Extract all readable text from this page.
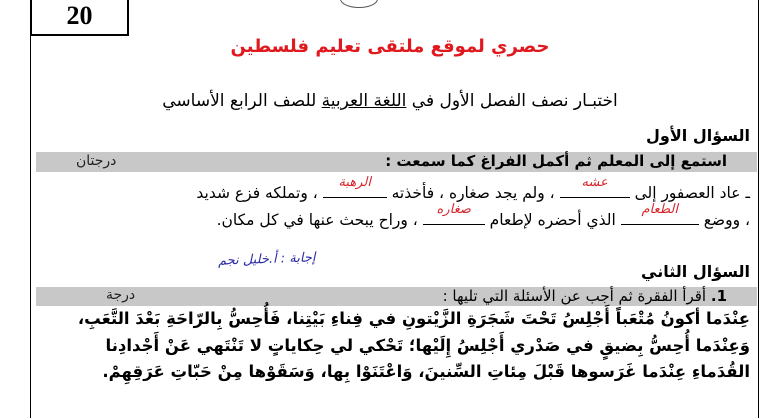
20
حصري لموقع ملتقى تعليم فلسطين
اختبـار نصف الفصل الأول في اللغة العربية للصف الرابع الأساسي
السؤال الأول
استمع إلى المعلم ثم أكمل الفراغ كما سمعت :
درجتان
ـ عاد العصفور إلى
عشه
، ولم يجد صغاره ، فأخذته
الرهبة
، وتملكه فزع شديد
، ووضع
الطعام
الذي أحضره لإطعام
صغاره
، وراح يبحث عنها في كل مكان.
إجابة : أ.خليل نجم
السؤال الثاني
1. أقرأ الفقرة ثم أجب عن الأسئلة التي تليها :
درجة
عِنْدَما أكونُ مُتْعَباً أَجْلِسُ تَحْتَ شَجَرَةِ الزَّيْتونِ في فِناءِ بَيْتِنا، فَأُحِسُّ بِالرّاحَةِ بَعْدَ التَّعَبِ،
وَعِنْدَما أُحِسُّ بِضيقٍ في صَدْري أَجْلِسُ إِلَيْها؛ تَحْكي لي حِكاياتٍ لا تَنْتَهي عَنْ أَجْدادِنا
القُدَماءِ عِنْدَما غَرَسوها قَبْلَ مِئاتِ السِّنينَ، وَاعْتَنَوْا بِها، وَسَقَوْها مِنْ حَبّاتِ عَرَقِهِمْ.
